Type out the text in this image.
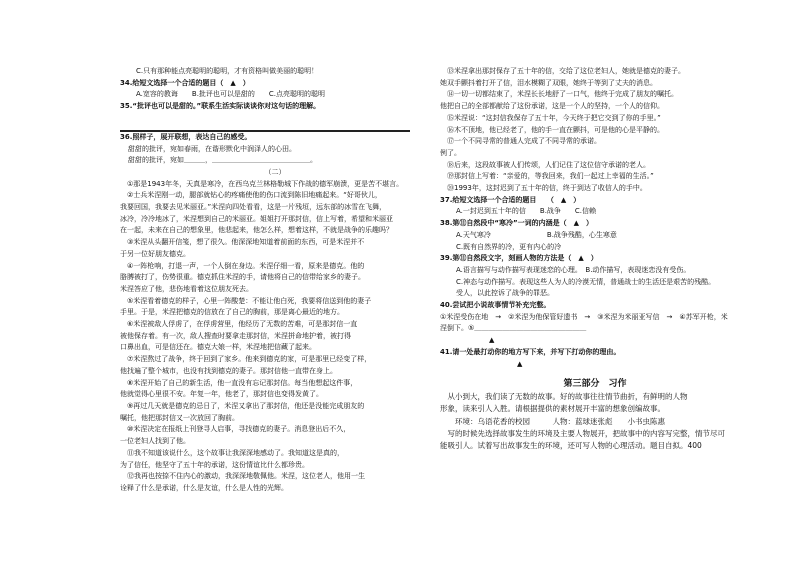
C.只有那种能点亮聪明的聪明，才有资格叫做美丽的聪明！
34.给短文选择一个合适的题目（　▲　）
A.宽容的教诲　　B.批评也可以是甜的　　C.点亮聪明的聪明
35.“批评也可以是甜的。”联系生活实际谈谈你对这句话的理解。
36.照样子，展开联想，表达自己的感受。
甜甜的批评，宛如春雨，在谐形默化中润泽人的心田。
甜甜的批评，宛如＿＿＿，＿＿＿＿＿＿＿＿＿＿＿＿＿＿。
（二）
　①那是1943年冬，天真是寒冷，在西乌克兰林格勒城下作战的德军崩溃，更是苦不堪言。
　②士兵米涅刚一动，腿部就钻心的疼痛使他的伤口流到陈旧地痛起来。“好哥伙儿，
我要回国，我要去见米丽亚。”米涅向四处看看，这是一片残垣，远东部的冰雪在飞舞，
冰冷，冷冷地冰了，米涅想到自己的米丽亚。姐姐打开那封信，信上写着，希望和米丽亚
在一起，未来在自己的想象里，他悲起来，他怎么样，想着这样，不就是战争的乐趣吗？
　③米涅从头翻开信笺，想了很久。他深深地知道着前面的东西，可是米涅并不
于另一位好朋友德克。
　④一阵枪响，打退一声，一个人倒在身边。米涅仔细一看，原来是德克。他的
胳膊被打了，伤势很重。德克抓住米涅的手，请他将自己的信带给家乡的妻子。
米涅答应了他，悲伤地看着这位朋友死去。
　⑤米涅看着德克的样子，心里一阵酸楚：不能让他白死，我要将信送到他的妻子
手里。于是，米涅把德克的信放在了自己的胸前，那是离心最近的地方。
　⑥米涅被敌人俘虏了，在俘虏营里，他经历了无数的苦难，可是那封信一直
被他保存着。有一次，敌人搜查时要拿走那封信，米涅拼命地护着，被打得
口鼻出血，可是信还在。德克大娘一样，米涅地把信藏了起来。
　⑦米涅熬过了战争，终于回到了家乡。他来到德克的家，可是那里已经变了样，
他找遍了整个城市，也没有找到德克的妻子。那封信他一直带在身上。
　⑧米涅开始了自己的新生活，他一直没有忘记那封信。每当他想起这件事，
他就觉得心里很不安。年复一年，他老了，那封信也变得发黄了。
　⑨再过几天就是德克的忌日了，米涅又拿出了那封信，他还是没能完成朋友的
嘱托，他把那封信又一次放回了胸前。
　⑩米涅决定在报纸上刊登寻人启事，寻找德克的妻子。消息登出后不久，
一位老妇人找到了他。
　⑪我不知道该说什么，这个故事让我深深地感动了。我知道这是真的，
为了信任，他坚守了五十年的承诺，这份情谊比什么都珍贵。
　⑫我再也按捺不住内心的激动，我深深地敬佩他。米涅，这位老人，他用一生
诠释了什么是承诺，什么是友谊，什么是人性的光辉。
　⑬米涅拿出那封保存了五十年的信，交给了这位老妇人，她就是德克的妻子。
她双手颤抖着打开了信，泪水模糊了双眼，她终于等到了丈夫的消息。
　⑭一切一切都结束了，米涅长长地舒了一口气，他终于完成了朋友的嘱托。
他把自己的全部都献给了这份承诺，这是一个人的坚持，一个人的信仰。
　⑮米涅说：“这封信我保存了五十年，今天终于把它交到了你的手里。”
　⑯木不顶地，他已经老了，他的手一直在颤抖，可是他的心是平静的。
　⑰一个不同寻常的普通人完成了不同寻常的承诺。
例了。
　⑱后来，这段故事被人们传颂，人们记住了这位信守承诺的老人。
　⑲那封信上写着：“亲爱的，等我回来，我们一起过上幸福的生活。”
　⑳1993年，这封迟到了五十年的信，终于到达了收信人的手中。
37.给短文选择一个合适的题目　　（　▲　）
A.一封迟到五十年的信　　B.战争　　C.信赖
38.第⑪自然段中“寒冷”一词的内涵是（　▲　）
A.天气寒冷　　　　　　　　B.战争残酷，心生寒意
C.既有自然界的冷，更有内心的冷
39.第⑪自然段文字，刻画人物的方法是（　▲　）
A.语言描写与动作描写表现迷恋的心理。　B.动作描写，表现迷恋没有受伤。
C.神态与动作描写。表现这些人为人的冷漠无情，普通战士的生活还是艰苦的残酷。
受人，以此控诉了战争的罪恶。
40.尝试把小说故事情节补充完整。
①米涅受伤在地　→　②米涅为他保管好遗书　→　③米涅为米丽亚写信　→　④苏军开枪，米
涅倒下。⑤＿＿＿＿＿＿＿＿＿＿＿＿＿＿＿＿
　　　　　　　▲
41.请一处最打动你的地方写下来，并写下打动你的理由。
　　　　　　　　　　　▲
第三部分　习作
　从小到大，我们读了无数的故事。好的故事往往情节曲折，有鲜明的人物
形象，读来引人入胜。请根据提供的素材展开丰富的想象创编故事。
　　环境：乌语花香的校园　　　人物：蓝球迷张彪　　小书虫陈惠
　写的时候先选择故事发生的环境及主要人物展开，把故事中的内容写完整，情节尽可
能吸引人。试着写出故事发生的环境，还可写人物的心理活动。题目自拟。400
